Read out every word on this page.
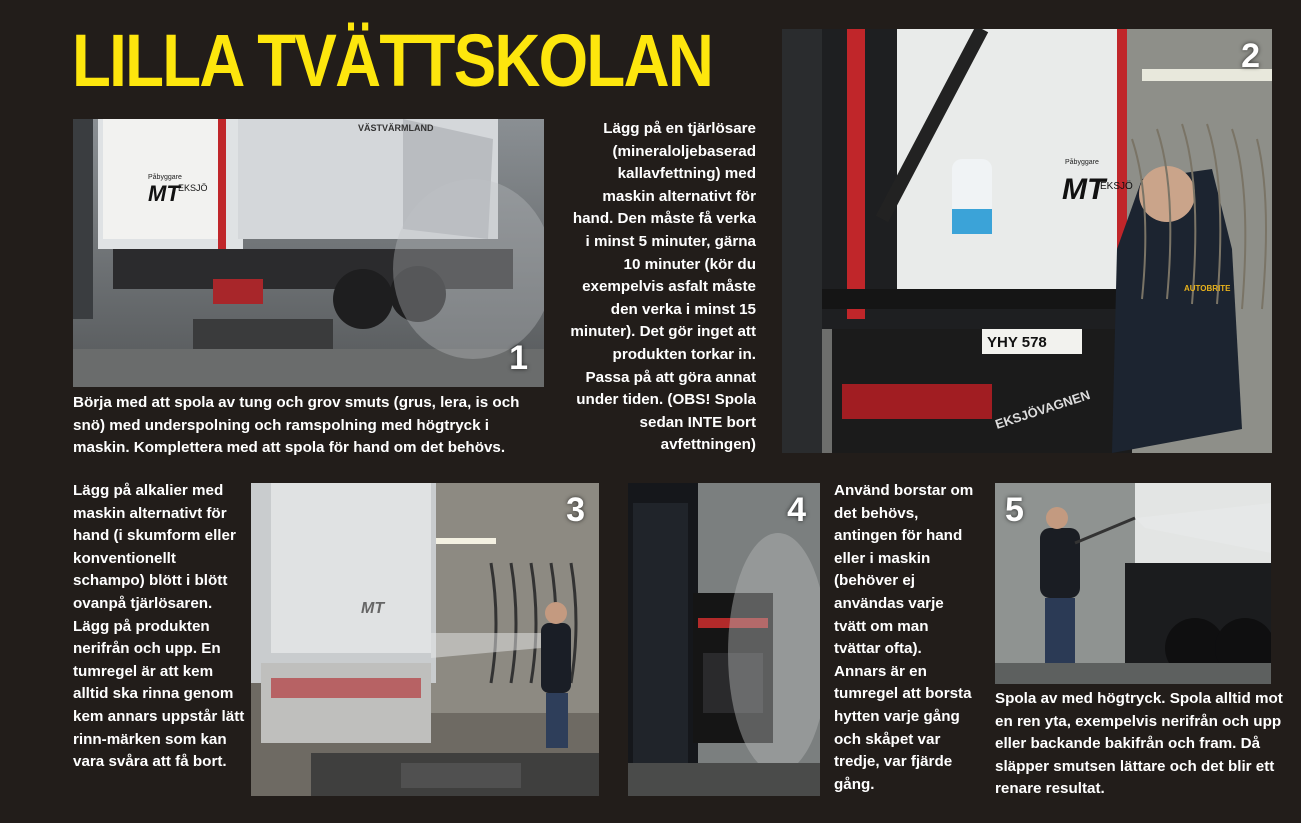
LILLA TVÄTTSKOLAN
Påbyggare
MT
EKSJÖ
VÄSTVÄRMLAND
1

Börja med att spola av tung och grov smuts (grus, lera, is och snö) med underspolning och ramspolning med högtryck i maskin. Komplettera med att spola för hand om det behövs.

Lägg på en tjärlösare (mineraloljebaserad kallavfettning) med maskin alternativt för hand. Den måste få verka i minst 5 minuter, gärna 10 minuter (kör du exempelvis asfalt måste den verka i minst 15 minuter). Det gör inget att produkten torkar in. Passa på att göra annat under tiden. (OBS! Spola sedan INTE bort avfettningen)

Påbyggare
MT
EKSJÖ
YHY 578
AUTOBRITE
EKSJÖVAGNEN
2

Lägg på alkalier med maskin alternativt för hand (i skumform eller konventionellt schampo) blött i blött ovanpå tjärlösaren. Lägg på produkten nerifrån och upp. En tumregel är att kem alltid ska rinna genom kem annars uppstår lätt rinn-märken som kan vara svåra att få bort.

MT
3	4

Använd borstar om det behövs, antingen för hand eller i maskin (behöver ej användas varje tvätt om man tvättar ofta). Annars är en tumregel att borsta hytten varje gång och skåpet var tredje, var fjärde gång.

5

Spola av med högtryck. Spola alltid mot en ren yta, exempelvis nerifrån och upp eller backande bakifrån och fram. Då släpper smutsen lättare och det blir ett renare resultat.
